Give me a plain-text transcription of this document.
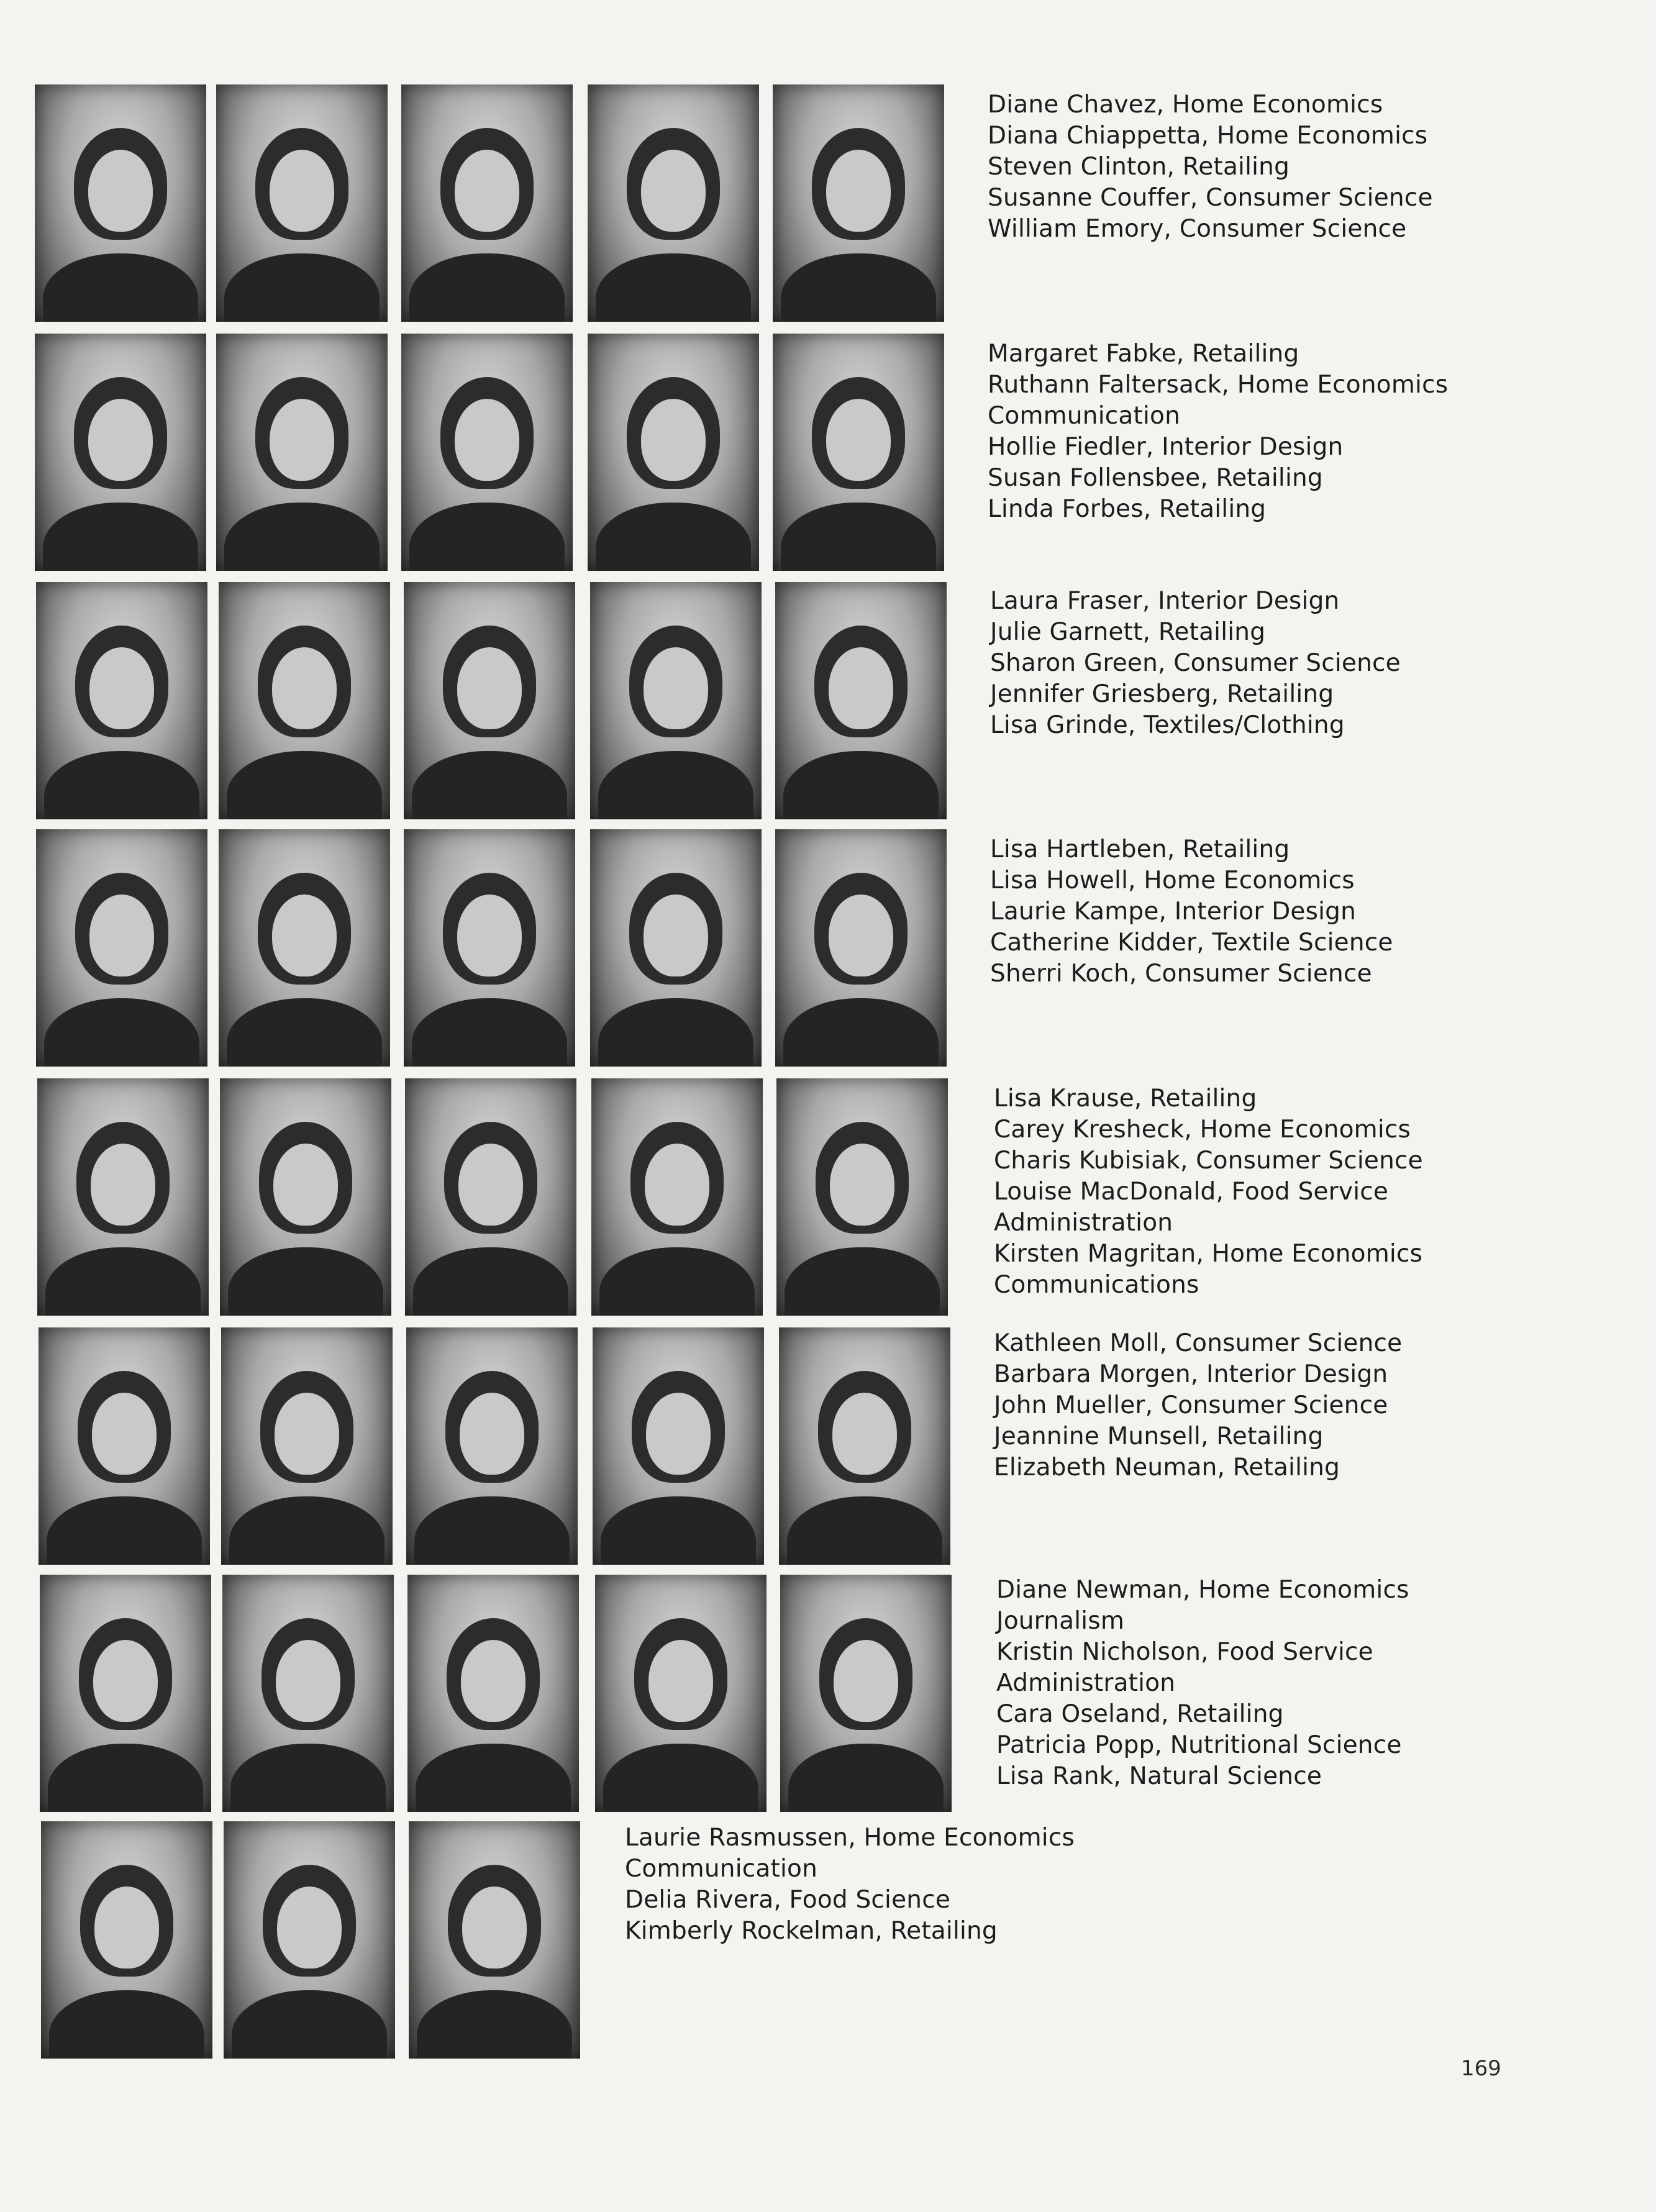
Diane Chavez, Home Economics
Diana Chiappetta, Home Economics
Steven Clinton, Retailing
Susanne Couffer, Consumer Science
William Emory, Consumer Science
Margaret Fabke, Retailing
Ruthann Faltersack, Home Economics
Communication
Hollie Fiedler, Interior Design
Susan Follensbee, Retailing
Linda Forbes, Retailing
Laura Fraser, Interior Design
Julie Garnett, Retailing
Sharon Green, Consumer Science
Jennifer Griesberg, Retailing
Lisa Grinde, Textiles/Clothing
Lisa Hartleben, Retailing
Lisa Howell, Home Economics
Laurie Kampe, Interior Design
Catherine Kidder, Textile Science
Sherri Koch, Consumer Science
Lisa Krause, Retailing
Carey Kresheck, Home Economics
Charis Kubisiak, Consumer Science
Louise MacDonald, Food Service
Administration
Kirsten Magritan, Home Economics
Communications
Kathleen Moll, Consumer Science
Barbara Morgen, Interior Design
John Mueller, Consumer Science
Jeannine Munsell, Retailing
Elizabeth Neuman, Retailing
Diane Newman, Home Economics
Journalism
Kristin Nicholson, Food Service
Administration
Cara Oseland, Retailing
Patricia Popp, Nutritional Science
Lisa Rank, Natural Science
Laurie Rasmussen, Home Economics
Communication
Delia Rivera, Food Science
Kimberly Rockelman, Retailing
169
